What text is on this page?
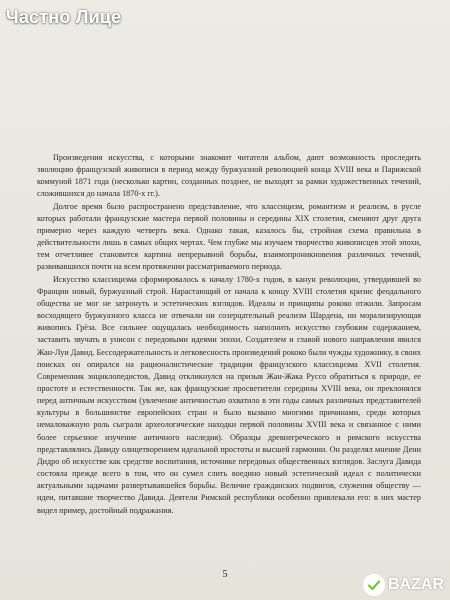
Частно Лице

Произведения искусства, с которыми знакомит читателя альбом, дают возможность проследить эволюцию французской живописи в период между буржуазной революцией конца XVIII века и Парижской коммуной 1871 года (несколько картин, созданных позднее, не выходят за рамки художественных течений, сложившихся до начала 1870-х гг.).

Долгое время было распространено представление, что классицизм, романтизм и реализм, в русле которых работали французские мастера первой половины и середины XIX столетия, сменяют друг друга примерно через каждую четверть века. Однако такая, казалось бы, стройная схема правильна в действительности лишь в самых общих чертах. Чем глубже мы изучаем творчество живописцев этой эпохи, тем отчетливее становится картина непрерывной борьбы, взаимопроникновения различных течений, развивавшихся почти на всем протяжении рассматриваемого периода.

Искусство классицизма сформировалось к началу 1780-х годов, в канун революции, утвердившей во Франции новый, буржуазный строй. Нарастающий от начала к концу XVIII столетия кризис феодального общества не мог не затронуть и эстетических взглядов. Идеалы и принципы рококо отжили. Запросам восходящего буржуазного класса не отвечали ни созерцательный реализм Шардена, ни морализирующая живопись Грёза. Все сильнее ощущалась необходимость наполнить искусство глубоким содержанием, заставить звучать в унисон с передовыми идеями эпохи. Создателем и главой нового направления явился Жан-Луи Давид. Бессодержательность и легковесность произведений рококо были чужды художнику, в своих поисках он опирался на рационалистические традиции французского классицизма XVII столетия. Современник энциклопедистов, Давид откликнулся на призыв Жан-Жака Руссо обратиться к природе, ее простоте и естественности. Так же, как французские просветители середины XVIII века, он преклонялся перед античным искусством (увлечение античностью охватило в эти годы самых различных представителей культуры в большинстве европейских стран и было вызвано многими причинами, среди которых немаловажную роль сыграли археологические находки первой половины XVIII века и связанное с ними более серьезное изучение античного наследия). Образцы древнегреческого и римского искусства представлялись Давиду олицетворением идеальной простоты и высшей гармонии. Он разделял мнение Дени Дидро об искусстве как средстве воспитания, источнике передовых общественных взглядов. Заслуга Давида состояла прежде всего в том, что он сумел слить воедино новый эстетический идеал с политически актуальными задачами развертывавшейся борьбы. Величие гражданских подвигов, служения обществу — идеи, питавшие творчество Давида. Деятели Римской республики особенно привлекали его: в них мастер видел пример, достойный подражания.

5
BAZAR
